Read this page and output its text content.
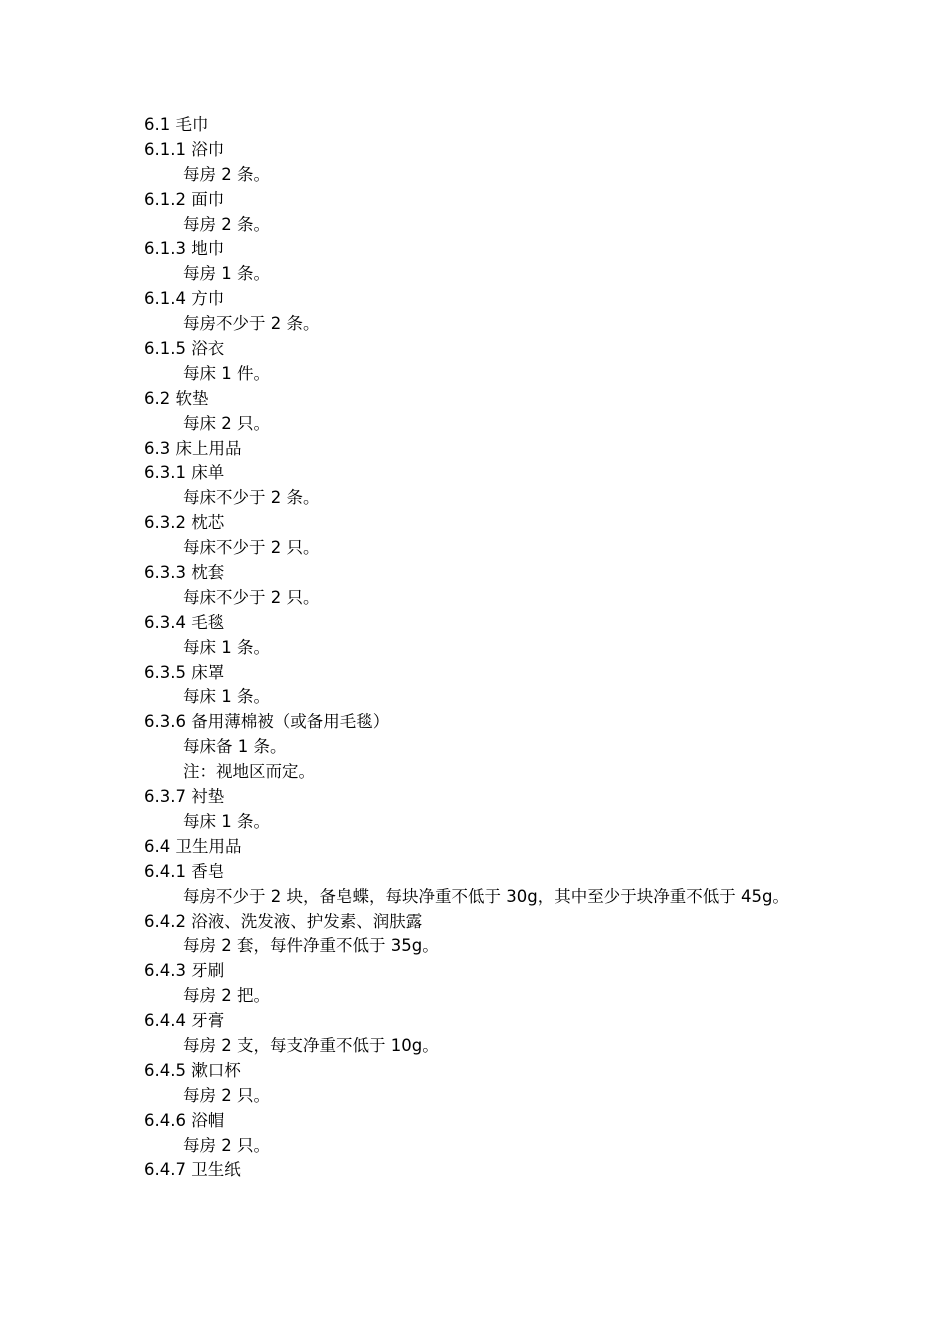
6.1 毛巾
6.1.1 浴巾
每房 2 条。
6.1.2 面巾
每房 2 条。
6.1.3 地巾
每房 1 条。
6.1.4 方巾
每房不少于 2 条。
6.1.5 浴衣
每床 1 件。
6.2 软垫
每床 2 只。
6.3 床上用品
6.3.1 床单
每床不少于 2 条。
6.3.2 枕芯
每床不少于 2 只。
6.3.3 枕套
每床不少于 2 只。
6.3.4 毛毯
每床 1 条。
6.3.5 床罩
每床 1 条。
6.3.6 备用薄棉被（或备用毛毯）
每床备 1 条。
注：视地区而定。
6.3.7 衬垫
每床 1 条。
6.4 卫生用品
6.4.1 香皂
每房不少于 2 块，备皂蝶，每块净重不低于 30g，其中至少于块净重不低于 45g。
6.4.2 浴液、洗发液、护发素、润肤露
每房 2 套，每件净重不低于 35g。
6.4.3 牙刷
每房 2 把。
6.4.4 牙膏
每房 2 支，每支净重不低于 10g。
6.4.5 漱口杯
每房 2 只。
6.4.6 浴帽
每房 2 只。
6.4.7 卫生纸
